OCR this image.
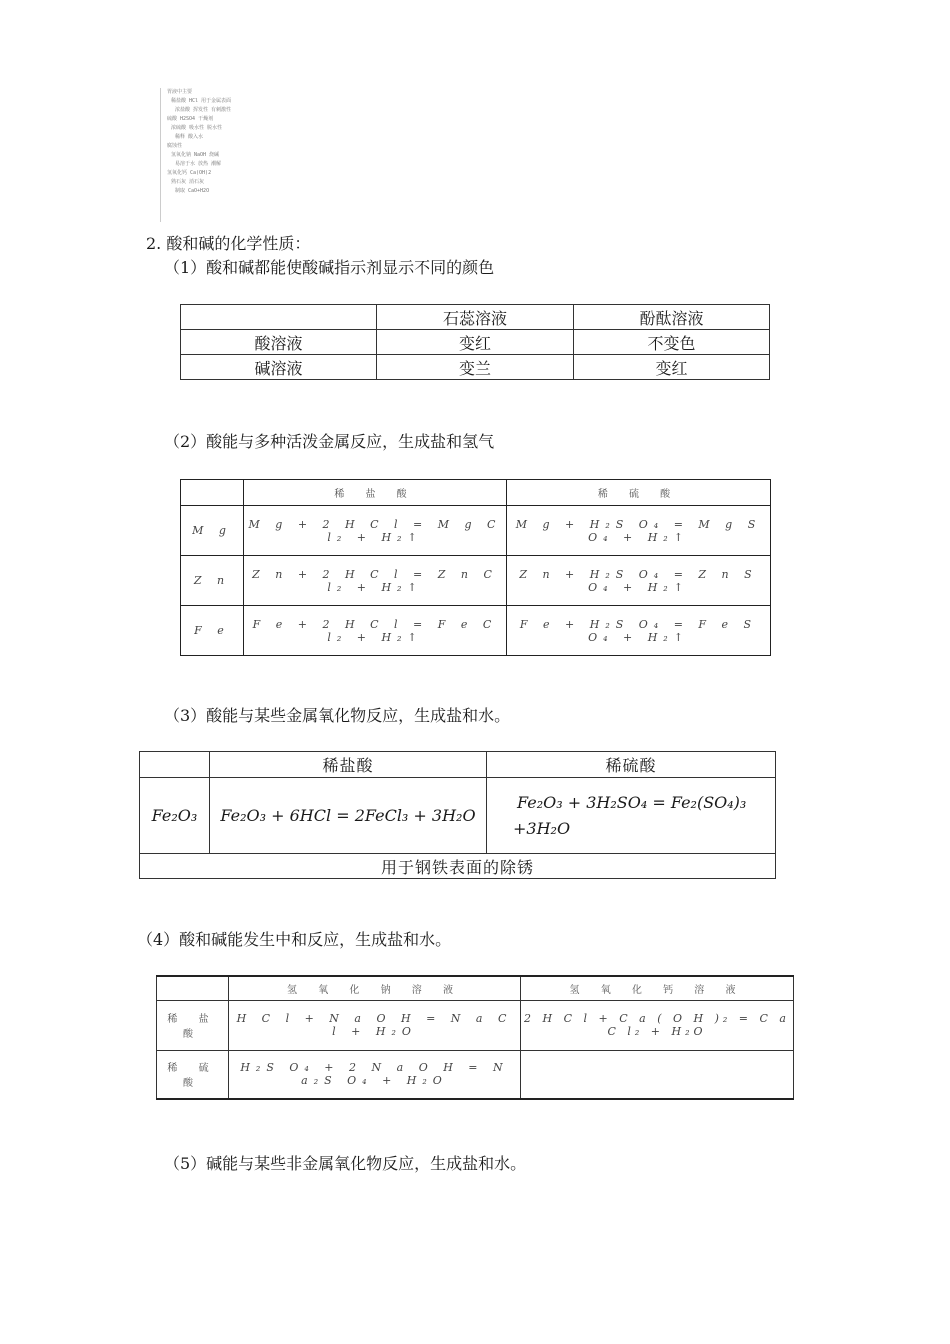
胃液中主要
稀盐酸 HCl 用于金属表面
浓盐酸 挥发性 有刺激性
硫酸 H2SO4 干燥剂
浓硫酸 吸水性 脱水性
稀释 酸入水
腐蚀性
氢氧化钠 NaOH 烧碱
易溶于水 放热 潮解
氢氧化钙 Ca(OH)2
熟石灰 消石灰
制取 CaO+H2O
2. 酸和碱的化学性质：
（1）酸和碱都能使酸碱指示剂显示不同的颜色
	石蕊溶液	酚酞溶液
酸溶液	变红	不变色
碱溶液	变兰	变红
（2）酸能与多种活泼金属反应，生成盐和氢气
	稀 盐 酸	稀 硫 酸
M g	M g + 2 H C l = M g C l₂ + H₂↑	M g + H₂S O₄ = M g S O₄ + H₂↑
Z n	Z n + 2 H C l = Z n C l₂ + H₂↑	Z n + H₂S O₄ = Z n S O₄ + H₂↑
F e	F e + 2 H C l = F e C l₂ + H₂↑	F e + H₂S O₄ = F e S O₄ + H₂↑
（3）酸能与某些金属氧化物反应，生成盐和水。
	稀盐酸	稀硫酸
Fe₂O₃	Fe₂O₃ + 6HCl = 2FeCl₃ + 3H₂O	Fe₂O₃ + 3H₂SO₄ = Fe₂(SO₄)₃
+3H₂O

用于钢铁表面的除锈		
（4）酸和碱能发生中和反应，生成盐和水。
	氢 氧 化 钠 溶 液	氢 氧 化 钙 溶 液
稀 盐 酸	H C l + N a O H = N a C l + H₂O	2 H C l + C a ( O H )₂ = C a C l₂ + H₂O
稀 硫 酸	H₂S O₄ + 2 N a O H = N a₂S O₄ + H₂O	
（5）碱能与某些非金属氧化物反应，生成盐和水。
